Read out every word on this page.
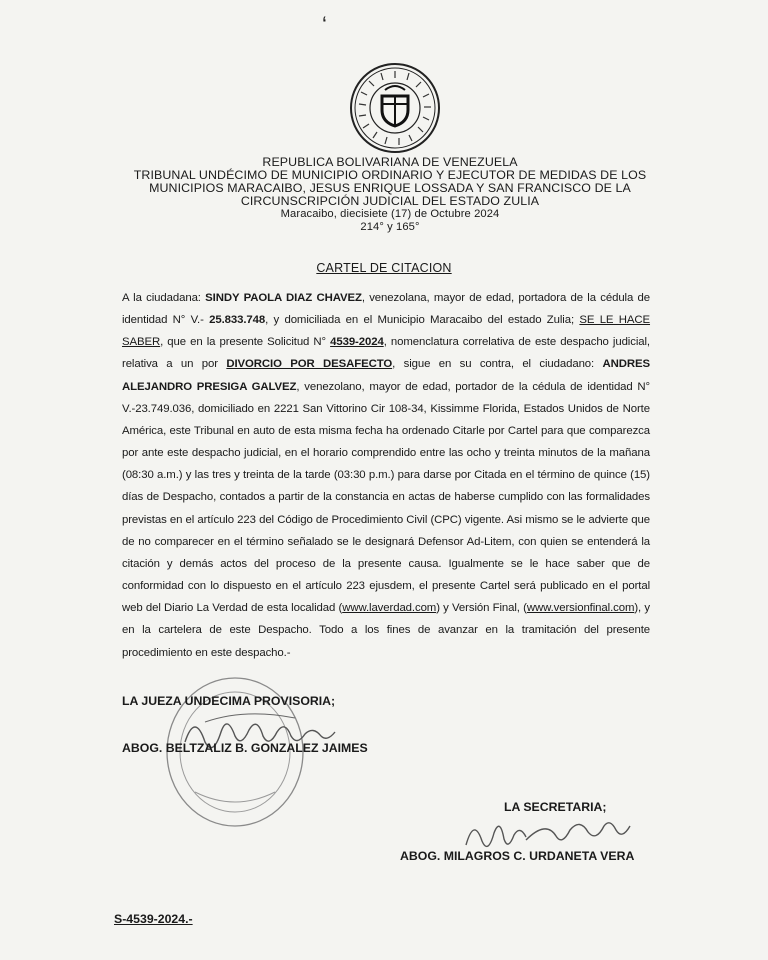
‘
REPUBLICA BOLIVARIANA DE VENEZUELA
TRIBUNAL UNDÉCIMO DE MUNICIPIO ORDINARIO Y EJECUTOR DE MEDIDAS DE LOS
MUNICIPIOS MARACAIBO, JESUS ENRIQUE LOSSADA Y SAN FRANCISCO DE LA
CIRCUNSCRIPCIÓN JUDICIAL DEL ESTADO ZULIA
Maracaibo, diecisiete (17) de Octubre 2024
214° y 165°
CARTEL DE CITACION
A la ciudadana: SINDY PAOLA DIAZ CHAVEZ, venezolana, mayor de edad, portadora de la cédula de identidad N° V.- 25.833.748, y domiciliada en el Municipio Maracaibo del estado Zulia; SE LE HACE SABER, que en la presente Solicitud N° 4539-2024, nomenclatura correlativa de este despacho judicial, relativa a un por DIVORCIO POR DESAFECTO, sigue en su contra, el ciudadano: ANDRES ALEJANDRO PRESIGA GALVEZ, venezolano, mayor de edad, portador de la cédula de identidad N° V.-23.749.036, domiciliado en 2221 San Vittorino Cir 108-34, Kissimme Florida, Estados Unidos de Norte América, este Tribunal en auto de esta misma fecha ha ordenado Citarle por Cartel para que comparezca por ante este despacho judicial, en el horario comprendido entre las ocho y treinta minutos de la mañana (08:30 a.m.) y las tres y treinta de la tarde (03:30 p.m.) para darse por Citada en el término de quince (15) días de Despacho, contados a partir de la constancia en actas de haberse cumplido con las formalidades previstas en el artículo 223 del Código de Procedimiento Civil (CPC) vigente. Asi mismo se le advierte que de no comparecer en el término señalado se le designará Defensor Ad-Litem, con quien se entenderá la citación y demás actos del proceso de la presente causa. Igualmente se le hace saber que de conformidad con lo dispuesto en el artículo 223 ejusdem, el presente Cartel será publicado en el portal web del Diario La Verdad de esta localidad (www.laverdad.com) y Versión Final, (www.versionfinal.com), y en la cartelera de este Despacho. Todo a los fines de avanzar en la tramitación del presente procedimiento en este despacho.-
LA JUEZA UNDECIMA PROVISORIA;
ABOG. BELTZALIZ B. GONZALEZ JAIMES
LA SECRETARIA;
ABOG. MILAGROS C. URDANETA VERA
S-4539-2024.-
